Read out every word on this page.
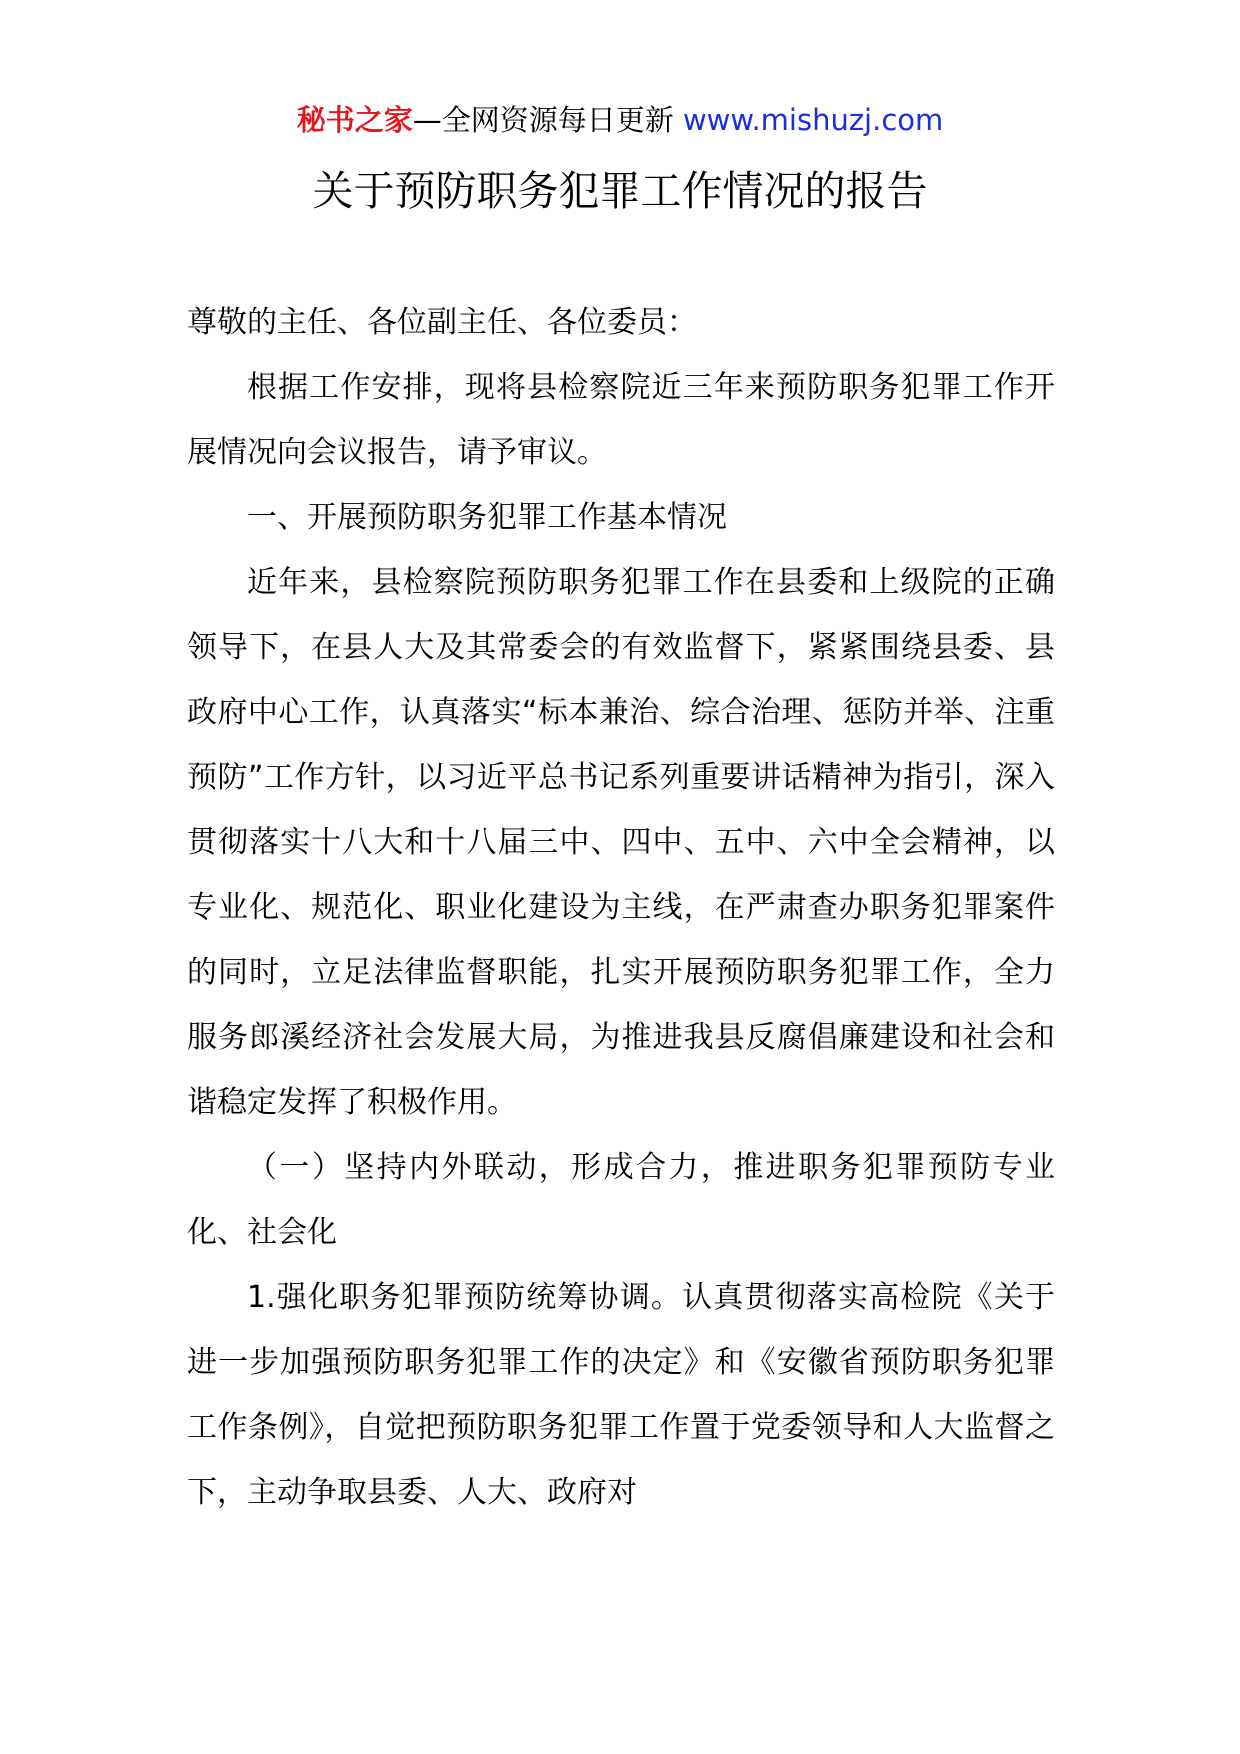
秘书之家—全网资源每日更新 www.mishuzj.com
关于预防职务犯罪工作情况的报告

尊敬的主任、各位副主任、各位委员：

根据工作安排，现将县检察院近三年来预防职务犯罪工作开展情况向会议报告，请予审议。

一、开展预防职务犯罪工作基本情况

近年来，县检察院预防职务犯罪工作在县委和上级院的正确领导下，在县人大及其常委会的有效监督下，紧紧围绕县委、县政府中心工作，认真落实“标本兼治、综合治理、惩防并举、注重预防”工作方针，以习近平总书记系列重要讲话精神为指引，深入贯彻落实十八大和十八届三中、四中、五中、六中全会精神，以专业化、规范化、职业化建设为主线，在严肃查办职务犯罪案件的同时，立足法律监督职能，扎实开展预防职务犯罪工作，全力服务郎溪经济社会发展大局，为推进我县反腐倡廉建设和社会和谐稳定发挥了积极作用。

（一）坚持内外联动，形成合力，推进职务犯罪预防专业化、社会化

1.强化职务犯罪预防统筹协调。认真贯彻落实高检院《关于进一步加强预防职务犯罪工作的决定》和《安徽省预防职务犯罪工作条例》，自觉把预防职务犯罪工作置于党委领导和人大监督之下，主动争取县委、人大、政府对
